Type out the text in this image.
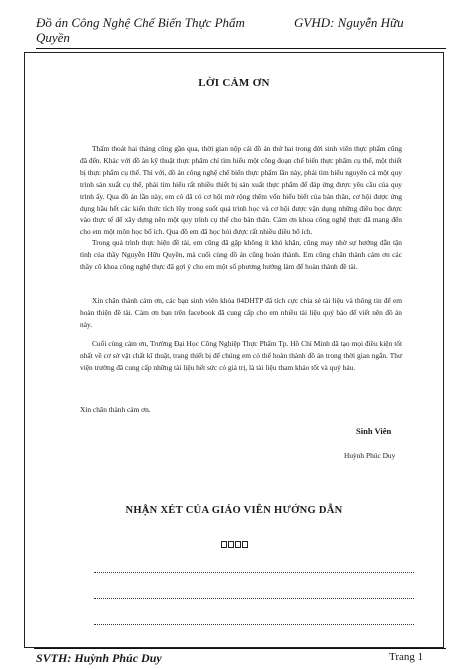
Đồ án Công Nghệ Chế Biến Thực Phẩm
Quyền
GVHD: Nguyễn Hữu
LỜI CẢM ƠN
Thấm thoát hai tháng cũng gần qua, thời gian nộp cái đồ án thứ hai trong đời sinh viên thực phẩm cũng đã đến. Khác với đồ án kỹ thuật thực phẩm chỉ tìm hiểu một công đoạn chế biến thực phẩm cụ thể, một thiết bị thực phẩm cụ thể. Thì với, đồ án công nghệ chế biến thực phẩm lần này, phải tìm hiểu nguyên cả một quy trình sản xuất cụ thể, phải tìm hiểu rất nhiều thiết bị sản xuất thực phẩm để đáp ứng được yêu cầu của quy trình ấy. Qua đồ án lần này, em có dã có cơ hội mở rộng thêm vốn hiểu biết của bản thân, cơ hội được ứng dụng hầu hết các kiến thức tích lũy trong suốt quá trình học và cơ hội được vận dụng những điều học được vào thực tế để xây dựng nên một quy trình cụ thể cho bản thân. Cám ơn khoa công nghệ thực đã mang đến cho em một môn học bổ ích. Qua đồ em đã học hỏi được rất nhiều điều bổ ích.
Trong quá trình thực hiện đề tài, em cũng đã gặp không ít khó khăn, cũng may nhờ sự hướng dẫn tận tình của thầy Nguyễn Hữu Quyền, mà cuối cùng đồ án cũng hoàn thành. Em cũng chân thành cám ơn các thầy cô khoa công nghệ thực đã gợi ý cho em một số phương hướng làm để hoàn thành đề tài.
Xin chân thành cám ơn, các bạn sinh viên khóa 04DHTP đã tích cực chia sẻ tài liệu và thông tin để em hoàn thiện đề tài. Cám ơn bạn trên facebook đã cung cấp cho em nhiều tài liệu quý báo để viết nên đồ án này.
Cuối cùng cám ơn, Trường Đại Học Công Nghiệp Thực Phẩm Tp. Hồ Chí Minh đã tạo mọi điều kiện tốt nhất về cơ sở vật chất kĩ thuật, trang thiết bị để chúng em có thể hoàn thành đồ án trong thời gian ngắn. Thư viện trường đã cung cấp những tài liệu hết sức có giá trị, là tài liệu tham khảo tốt và quý báu.
Xin chân thành cám ơn.
Sinh Viên
Huỳnh Phúc Duy
NHẬN XÉT CỦA GIÁO VIÊN HƯỚNG DẪN
SVTH: Huỳnh Phúc Duy	Trang 1
